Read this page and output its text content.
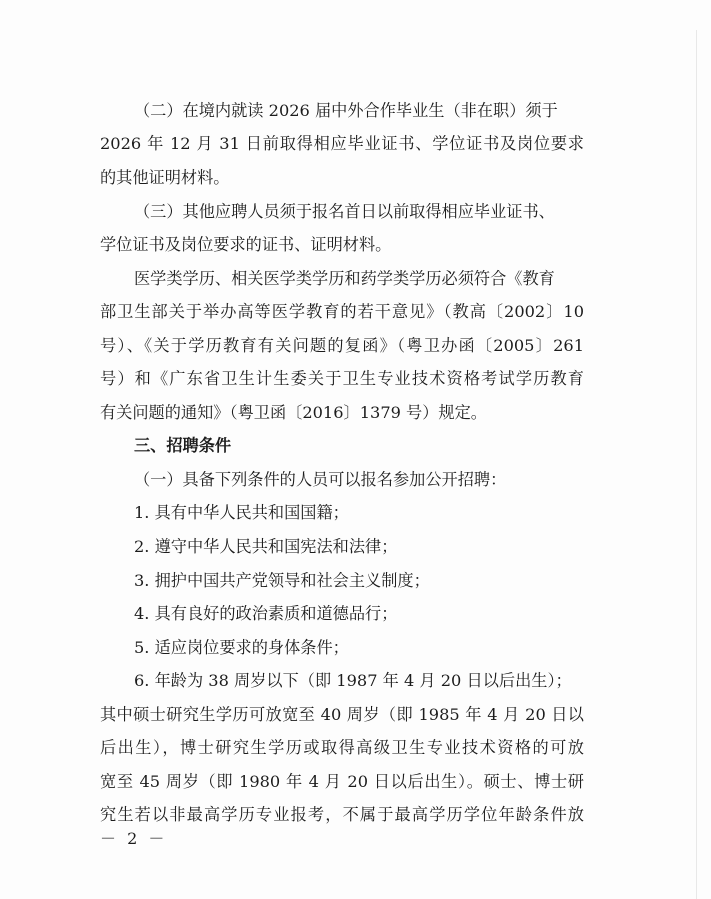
（二）在境内就读 2026 届中外合作毕业生（非在职）须于
2026 年 12 月 31 日前取得相应毕业证书、学位证书及岗位要求
的其他证明材料。
（三）其他应聘人员须于报名首日以前取得相应毕业证书、
学位证书及岗位要求的证书、证明材料。
医学类学历、相关医学类学历和药学类学历必须符合《教育
部卫生部关于举办高等医学教育的若干意见》（教高〔2002〕10
号）、《关于学历教育有关问题的复函》（粤卫办函〔2005〕261
号）和《广东省卫生计生委关于卫生专业技术资格考试学历教育
有关问题的通知》（粤卫函〔2016〕1379 号）规定。
三、招聘条件
（一）具备下列条件的人员可以报名参加公开招聘：
1. 具有中华人民共和国国籍；
2. 遵守中华人民共和国宪法和法律；
3. 拥护中国共产党领导和社会主义制度；
4. 具有良好的政治素质和道德品行；
5. 适应岗位要求的身体条件；
6. 年龄为 38 周岁以下（即 1987 年 4 月 20 日以后出生）；
其中硕士研究生学历可放宽至 40 周岁（即 1985 年 4 月 20 日以
后出生），博士研究生学历或取得高级卫生专业技术资格的可放
宽至 45 周岁（即 1980 年 4 月 20 日以后出生）。硕士、博士研
究生若以非最高学历专业报考，不属于最高学历学位年龄条件放
－ 2 －
